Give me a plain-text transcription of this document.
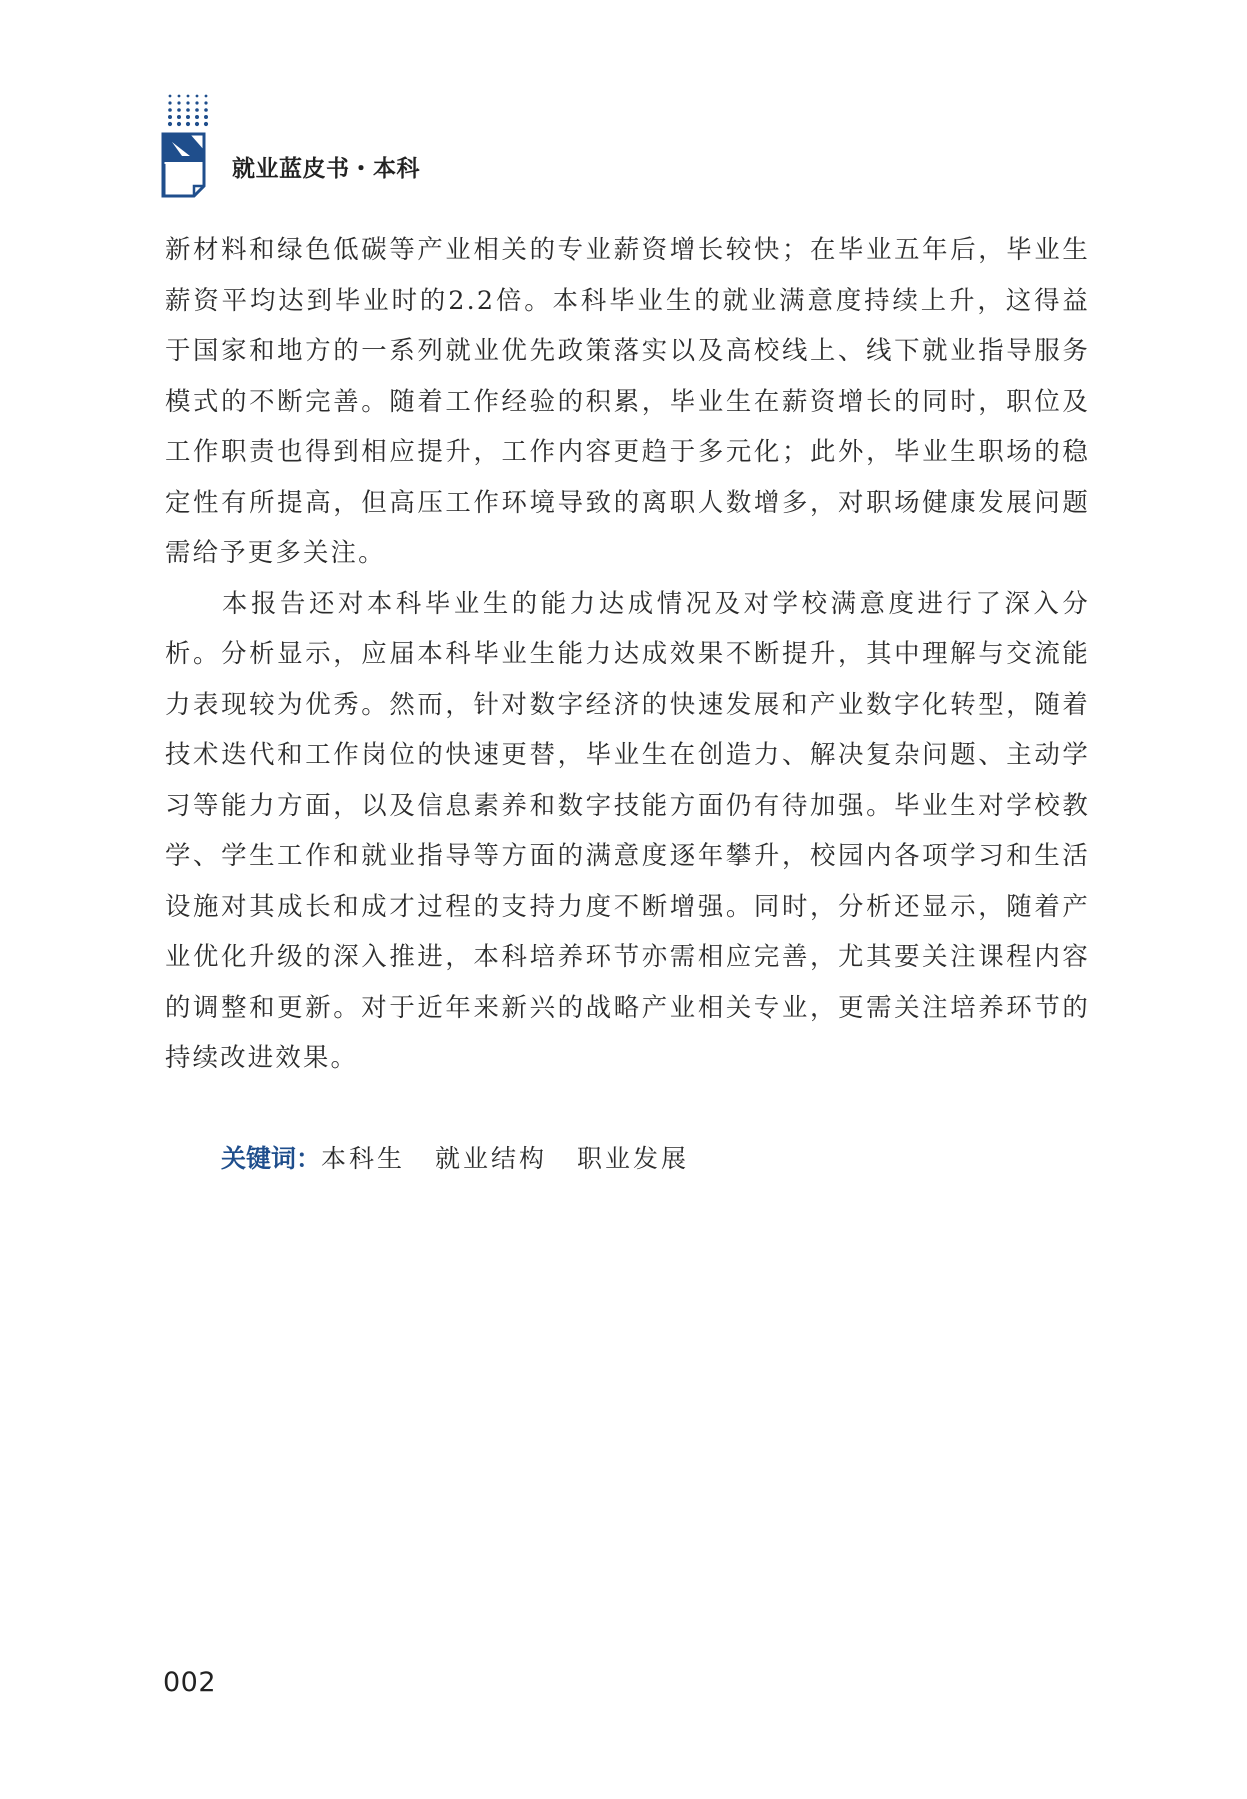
就业蓝皮书・本科

新材料和绿色低碳等产业相关的专业薪资增长较快；在毕业五年后，毕业生薪资平均达到毕业时的2.2倍。本科毕业生的就业满意度持续上升，这得益于国家和地方的一系列就业优先政策落实以及高校线上、线下就业指导服务模式的不断完善。随着工作经验的积累，毕业生在薪资增长的同时，职位及工作职责也得到相应提升，工作内容更趋于多元化；此外，毕业生职场的稳定性有所提高，但高压工作环境导致的离职人数增多，对职场健康发展问题需给予更多关注。

本报告还对本科毕业生的能力达成情况及对学校满意度进行了深入分析。分析显示，应届本科毕业生能力达成效果不断提升，其中理解与交流能力表现较为优秀。然而，针对数字经济的快速发展和产业数字化转型，随着技术迭代和工作岗位的快速更替，毕业生在创造力、解决复杂问题、主动学习等能力方面，以及信息素养和数字技能方面仍有待加强。毕业生对学校教学、学生工作和就业指导等方面的满意度逐年攀升，校园内各项学习和生活设施对其成长和成才过程的支持力度不断增强。同时，分析还显示，随着产业优化升级的深入推进，本科培养环节亦需相应完善，尤其要关注课程内容的调整和更新。对于近年来新兴的战略产业相关专业，更需关注培养环节的持续改进效果。

关键词：本科生 就业结构 职业发展
002
